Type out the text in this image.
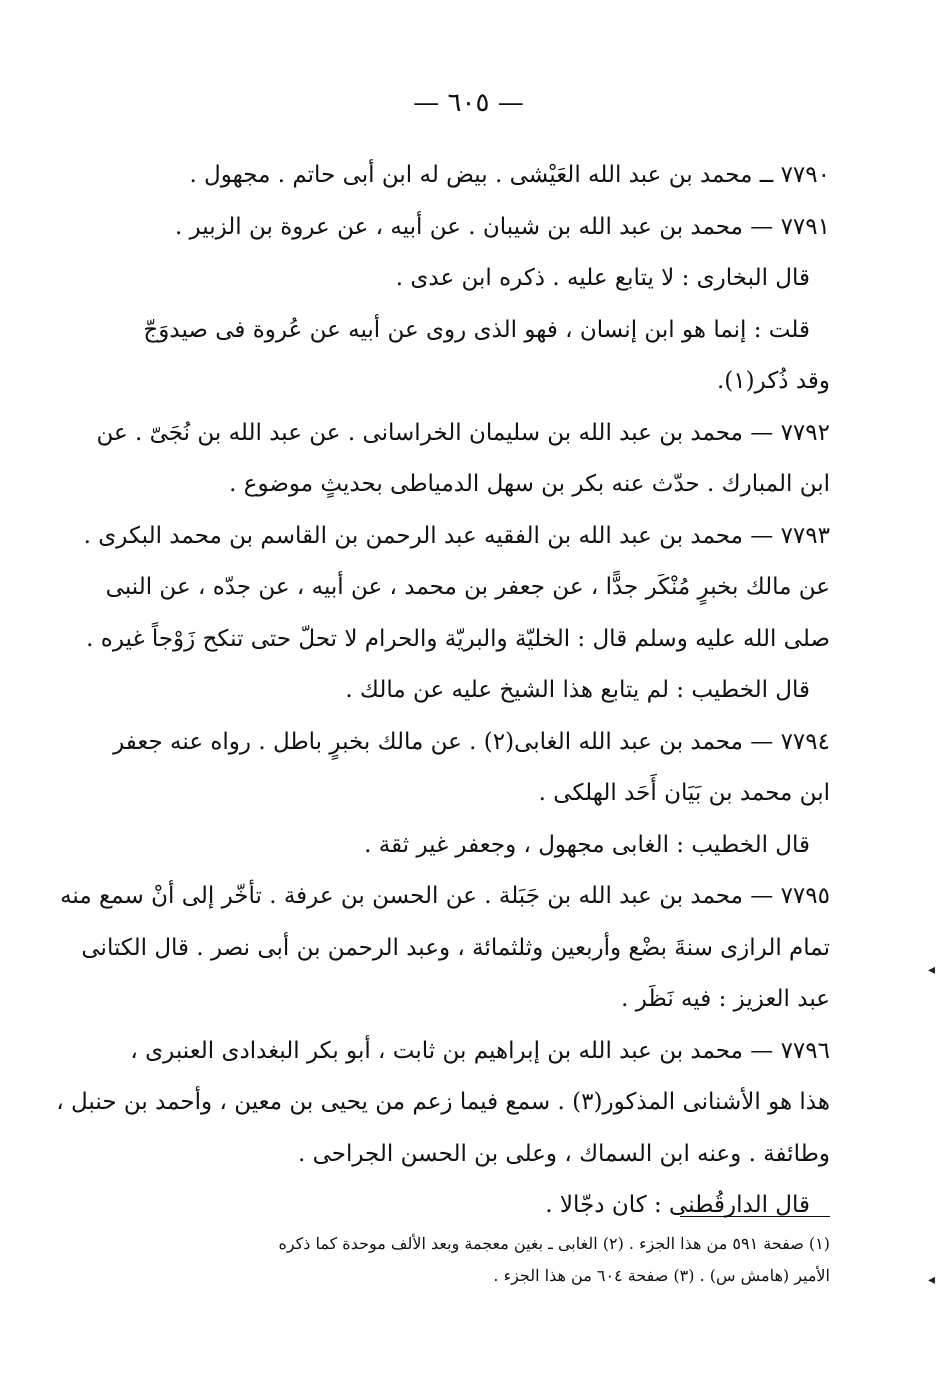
— ٦٠٥ —
٧٧٩٠ ــ محمد بن عبد الله العَيْشى . بيض له ابن أبى حاتم . مجهول .
٧٧٩١ — محمد بن عبد الله بن شيبان . عن أبيه ، عن عروة بن الزبير .
قال البخارى : لا يتابع عليه . ذكره ابن عدى .
قلت : إنما هو ابن إنسان ، فهو الذى روى عن أبيه عن عُروة فى صيدوَجّ
وقد ذُكر(١).
٧٧٩٢ — محمد بن عبد الله بن سليمان الخراسانى . عن عبد الله بن نُجَىّ . عن
ابن المبارك . حدّث عنه بكر بن سهل الدمياطى بحديثٍ موضوع .
٧٧٩٣ — محمد بن عبد الله بن الفقيه عبد الرحمن بن القاسم بن محمد البكرى .
عن مالك بخبرٍ مُنْكَر جدًّا ، عن جعفر بن محمد ، عن أبيه ، عن جدّه ، عن النبى
صلى الله عليه وسلم قال : الخليّة والبريّة والحرام لا تحلّ حتى تنكح زَوْجاً غيره .
قال الخطيب : لم يتابع هذا الشيخ عليه عن مالك .
٧٧٩٤ — محمد بن عبد الله الغابى(٢) . عن مالك بخبرٍ باطل . رواه عنه جعفر
ابن محمد بن بَيَان أَحَد الهلكى .
قال الخطيب : الغابى مجهول ، وجعفر غير ثقة .
٧٧٩٥ — محمد بن عبد الله بن جَبَلة . عن الحسن بن عرفة . تأخّر إلى أنْ سمع منه
تمام الرازى سنةَ بضْع وأربعين وثلثمائة ، وعبد الرحمن بن أبى نصر . قال الكتانى
عبد العزيز : فيه نَظَر .
٧٧٩٦ — محمد بن عبد الله بن إبراهيم بن ثابت ، أبو بكر البغدادى العنبرى ،
هذا هو الأشنانى المذكور(٣) . سمع فيما زعم من يحيى بن معين ، وأحمد بن حنبل ،
وطائفة . وعنه ابن السماك ، وعلى بن الحسن الجراحى .
قال الدارقُطنى : كان دجّالا .
(١) صفحة ٥٩١ من هذا الجزء . (٢) الغابى ـ بغين معجمة وبعد الألف موحدة كما ذكره
الأمير (هامش س) . (٣) صفحة ٦٠٤ من هذا الجزء .
◂
◂
